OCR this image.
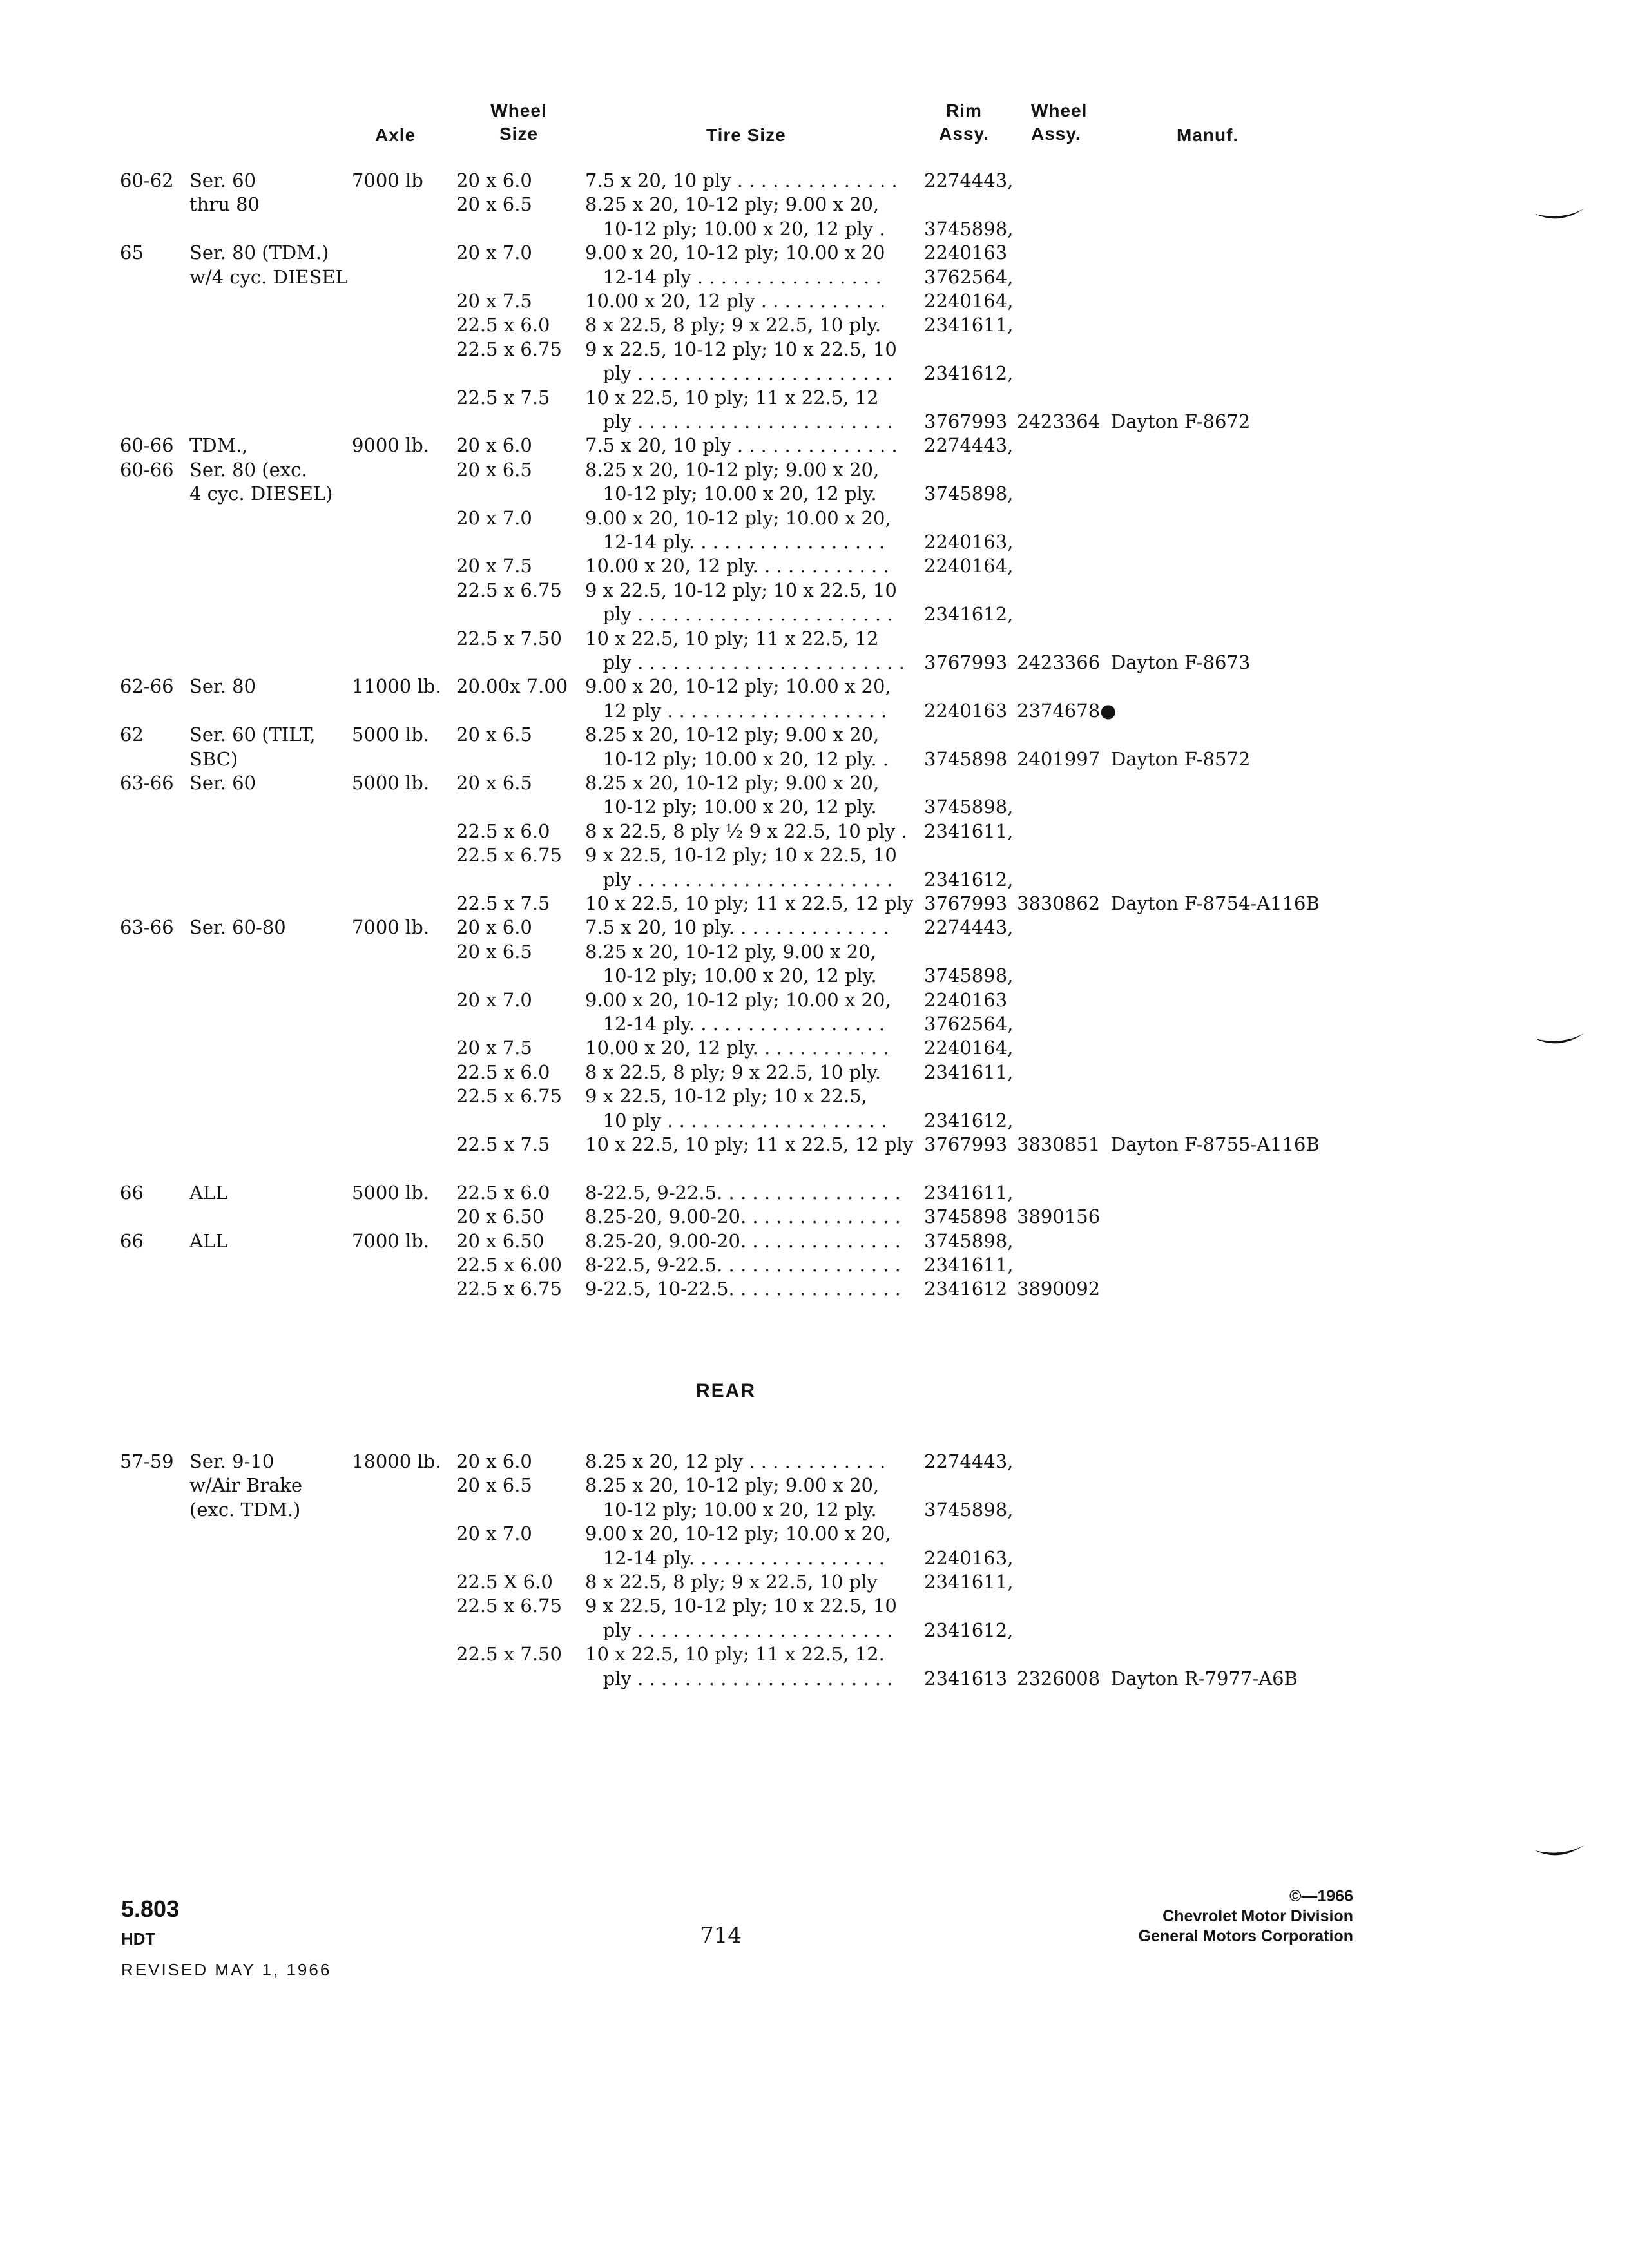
Axle
Wheel
Size	Tire Size
Rim
Assy.
Wheel
Assy.	Manuf.
60-62
65
60-66
60-66
62-66
62
63-66
63-66
66
66
Ser. 60
thru 80
Ser. 80 (TDM.)
w/4 cyc. DIESEL
TDM.,
Ser. 80 (exc.
4 cyc. DIESEL)
Ser. 80
Ser. 60 (TILT,
SBC)
Ser. 60
Ser. 60-80
ALL
ALL
7000 lb
9000 lb.
11000 lb.
5000 lb.
5000 lb.
7000 lb.
5000 lb.
7000 lb.
20 x 6.0
20 x 6.5
20 x 7.0
20 x 7.5
22.5 x 6.0
22.5 x 6.75
22.5 x 7.5
20 x 6.0
20 x 6.5
20 x 7.0
20 x 7.5
22.5 x 6.75
22.5 x 7.50
20.00x 7.00
20 x 6.5
20 x 6.5
22.5 x 6.0
22.5 x 6.75
22.5 x 7.5
20 x 6.0
20 x 6.5
20 x 7.0
20 x 7.5
22.5 x 6.0
22.5 x 6.75
22.5 x 7.5
22.5 x 6.0
20 x 6.50
20 x 6.50
22.5 x 6.00
22.5 x 6.75
7.5 x 20, 10 ply . . . . . . . . . . . . . .
8.25 x 20, 10-12 ply; 9.00 x 20,
10-12 ply; 10.00 x 20, 12 ply .
9.00 x 20, 10-12 ply; 10.00 x 20
12-14 ply . . . . . . . . . . . . . . . .
10.00 x 20, 12 ply . . . . . . . . . . .
8 x 22.5, 8 ply; 9 x 22.5, 10 ply.
9 x 22.5, 10-12 ply; 10 x 22.5, 10
ply . . . . . . . . . . . . . . . . . . . . . .
10 x 22.5, 10 ply; 11 x 22.5, 12
ply . . . . . . . . . . . . . . . . . . . . . .
7.5 x 20, 10 ply . . . . . . . . . . . . . .
8.25 x 20, 10-12 ply; 9.00 x 20,
10-12 ply; 10.00 x 20, 12 ply.
9.00 x 20, 10-12 ply; 10.00 x 20,
12-14 ply. . . . . . . . . . . . . . . . .
10.00 x 20, 12 ply. . . . . . . . . . . .
9 x 22.5, 10-12 ply; 10 x 22.5, 10
ply . . . . . . . . . . . . . . . . . . . . . .
10 x 22.5, 10 ply; 11 x 22.5, 12
ply . . . . . . . . . . . . . . . . . . . . . . .
9.00 x 20, 10-12 ply; 10.00 x 20,
12 ply . . . . . . . . . . . . . . . . . . .
8.25 x 20, 10-12 ply; 9.00 x 20,
10-12 ply; 10.00 x 20, 12 ply. .
8.25 x 20, 10-12 ply; 9.00 x 20,
10-12 ply; 10.00 x 20, 12 ply.
8 x 22.5, 8 ply ½ 9 x 22.5, 10 ply .
9 x 22.5, 10-12 ply; 10 x 22.5, 10
ply . . . . . . . . . . . . . . . . . . . . . .
10 x 22.5, 10 ply; 11 x 22.5, 12 ply
7.5 x 20, 10 ply. . . . . . . . . . . . . .
8.25 x 20, 10-12 ply, 9.00 x 20,
10-12 ply; 10.00 x 20, 12 ply.
9.00 x 20, 10-12 ply; 10.00 x 20,
12-14 ply. . . . . . . . . . . . . . . . .
10.00 x 20, 12 ply. . . . . . . . . . . .
8 x 22.5, 8 ply; 9 x 22.5, 10 ply.
9 x 22.5, 10-12 ply; 10 x 22.5,
10 ply . . . . . . . . . . . . . . . . . . .
10 x 22.5, 10 ply; 11 x 22.5, 12 ply
8-22.5, 9-22.5. . . . . . . . . . . . . . . .
8.25-20, 9.00-20. . . . . . . . . . . . . .
8.25-20, 9.00-20. . . . . . . . . . . . . .
8-22.5, 9-22.5. . . . . . . . . . . . . . . .
9-22.5, 10-22.5. . . . . . . . . . . . . . .
2274443,
3745898,
2240163
3762564,
2240164,
2341611,
2341612,
3767993
2274443,
3745898,
2240163,
2240164,
2341612,
3767993
2240163
3745898
3745898,
2341611,
2341612,
3767993
2274443,
3745898,
2240163
3762564,
2240164,
2341611,
2341612,
3767993
2341611,
3745898
3745898,
2341611,
2341612
2423364
2423366
2374678●
2401997
3830862
3830851
3890156
3890092
Dayton F-8672
Dayton F-8673
Dayton F-8572
Dayton F-8754-A116B
Dayton F-8755-A116B
REAR
57-59 Ser. 9-10
w/Air Brake
(exc. TDM.)
18000 lb. 20 x 6.0
20 x 6.5
20 x 7.0
22.5 X 6.0
22.5 x 6.75
22.5 x 7.50
8.25 x 20, 12 ply . . . . . . . . . . . .
8.25 x 20, 10-12 ply; 9.00 x 20,
10-12 ply; 10.00 x 20, 12 ply.
9.00 x 20, 10-12 ply; 10.00 x 20,
12-14 ply. . . . . . . . . . . . . . . . .
8 x 22.5, 8 ply; 9 x 22.5, 10 ply
9 x 22.5, 10-12 ply; 10 x 22.5, 10
ply . . . . . . . . . . . . . . . . . . . . . .
10 x 22.5, 10 ply; 11 x 22.5, 12.
ply . . . . . . . . . . . . . . . . . . . . . .
2274443,
3745898,
2240163,
2341611,
2341612,
2341613 2326008 Dayton R-7977-A6B
5.803
HDT
REVISED MAY 1, 1966
714
©—1966
Chevrolet Motor Division
General Motors Corporation
